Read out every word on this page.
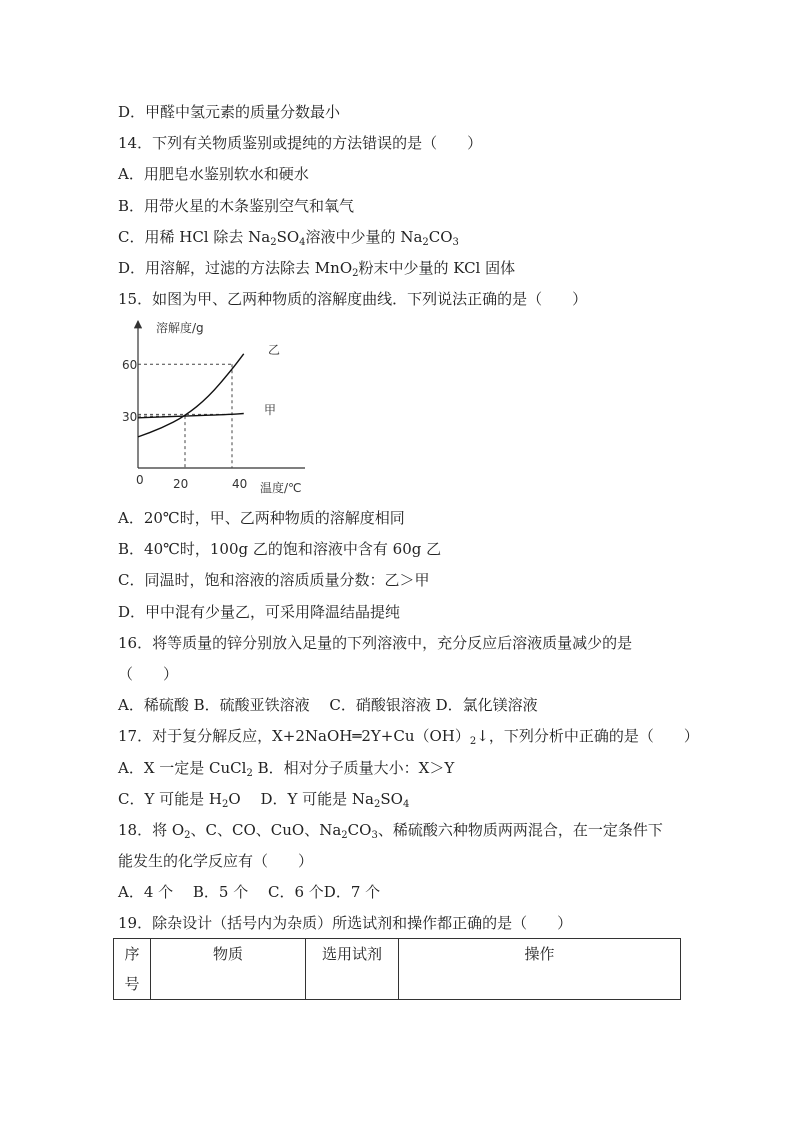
D．甲醛中氢元素的质量分数最小
14．下列有关物质鉴别或提纯的方法错误的是（　　）
A．用肥皂水鉴别软水和硬水
B．用带火星的木条鉴别空气和氧气
C．用稀 HCl 除去 $Na_2SO_4$溶液中少量的 $Na_2CO_3$
D．用溶解，过滤的方法除去 MnO$_2$粉末中少量的 KCl 固体
15．如图为甲、乙两种物质的溶解度曲线．下列说法正确的是（　　）
溶解度/g
温度/℃
0 20	40
30
60
乙
甲
A．20℃时，甲、乙两种物质的溶解度相同
B．40℃时，100g 乙的饱和溶液中含有 60g 乙
C．同温时，饱和溶液的溶质质量分数：乙＞甲
D．甲中混有少量乙，可采用降温结晶提纯
16．将等质量的锌分别放入足量的下列溶液中，充分反应后溶液质量减少的是
（　　）
A．稀硫酸 B．硫酸亚铁溶液　 C．硝酸银溶液 D．氯化镁溶液
17．对于复分解反应，$X+2NaOH═2Y+Cu(OH)_2↓$，下列分析中正确的是（　　）
A．X 一定是 CuCl$_2$ B．相对分子质量大小：X＞Y
C．Y 可能是 $H_2O$　 D．Y 可能是 $Na_2SO_4$
18．将 $O_2$、C、CO、CuO、$Na_2CO_3$、稀硫酸六种物质两两混合，在一定条件下
能发生的化学反应有（　　）
A．4 个　 B．5 个　 C．6 个D．7 个
19．除杂设计（括号内为杂质）所选试剂和操作都正确的是（　　）
序号	物质	选用试剂	操作
